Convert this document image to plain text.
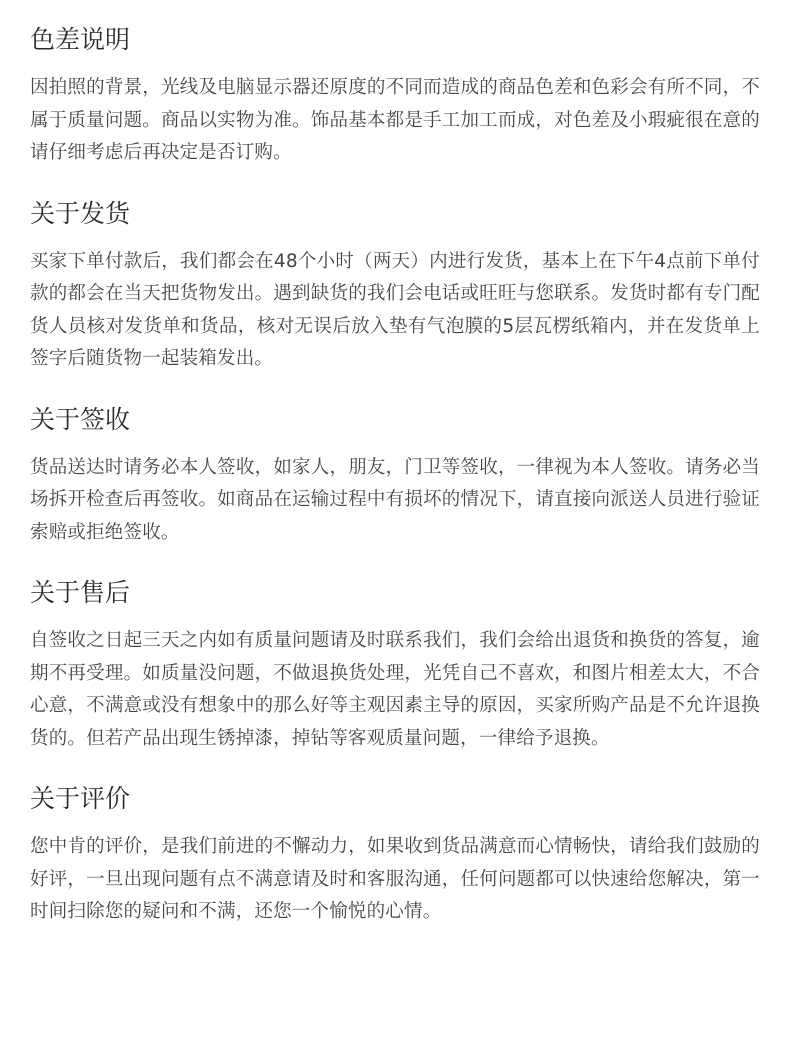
色差说明

因拍照的背景，光线及电脑显示器还原度的不同而造成的商品色差和色彩会有所不同，不属于质量问题。商品以实物为准。饰品基本都是手工加工而成，对色差及小瑕疵很在意的请仔细考虑后再决定是否订购。

关于发货

买家下单付款后，我们都会在48个小时（两天）内进行发货，基本上在下午4点前下单付款的都会在当天把货物发出。遇到缺货的我们会电话或旺旺与您联系。发货时都有专门配货人员核对发货单和货品，核对无误后放入垫有气泡膜的5层瓦楞纸箱内，并在发货单上签字后随货物一起装箱发出。

关于签收

货品送达时请务必本人签收，如家人，朋友，门卫等签收，一律视为本人签收。请务必当场拆开检查后再签收。如商品在运输过程中有损坏的情况下，请直接向派送人员进行验证索赔或拒绝签收。

关于售后

自签收之日起三天之内如有质量问题请及时联系我们，我们会给出退货和换货的答复，逾期不再受理。如质量没问题，不做退换货处理，光凭自己不喜欢，和图片相差太大，不合心意，不满意或没有想象中的那么好等主观因素主导的原因，买家所购产品是不允许退换货的。但若产品出现生锈掉漆，掉钻等客观质量问题，一律给予退换。

关于评价

您中肯的评价，是我们前进的不懈动力，如果收到货品满意而心情畅快，请给我们鼓励的好评，一旦出现问题有点不满意请及时和客服沟通，任何问题都可以快速给您解决，第一时间扫除您的疑问和不满，还您一个愉悦的心情。
